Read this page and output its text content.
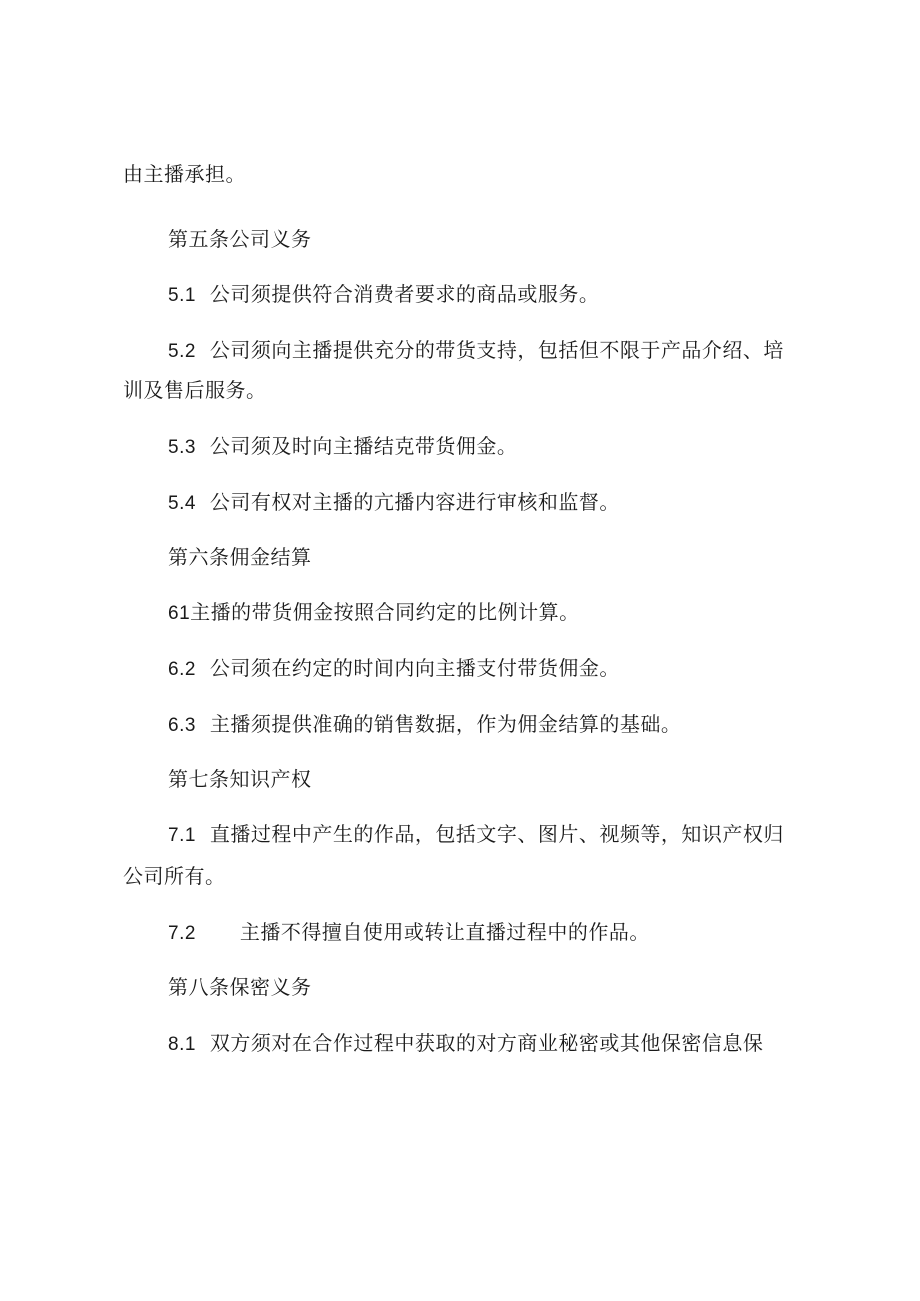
由主播承担。
第五条公司义务
5.1 公司须提供符合消费者要求的商品或服务。
5.2 公司须向主播提供充分的带货支持，包括但不限于产品介绍、培
训及售后服务。
5.3 公司须及时向主播结克带货佣金。
5.4 公司有权对主播的亢播内容进行审核和监督。
第六条佣金结算
61主播的带货佣金按照合同约定的比例计算。
6.2 公司须在约定的时间内向主播支付带货佣金。
6.3 主播须提供准确的销售数据，作为佣金结算的基础。
第七条知识产权
7.1 直播过程中产生的作品，包括文字、图片、视频等，知识产权归
公司所有。
7.2 主播不得擅自使用或转让直播过程中的作品。
第八条保密义务
8.1 双方须对在合作过程中获取的对方商业秘密或其他保密信息保
